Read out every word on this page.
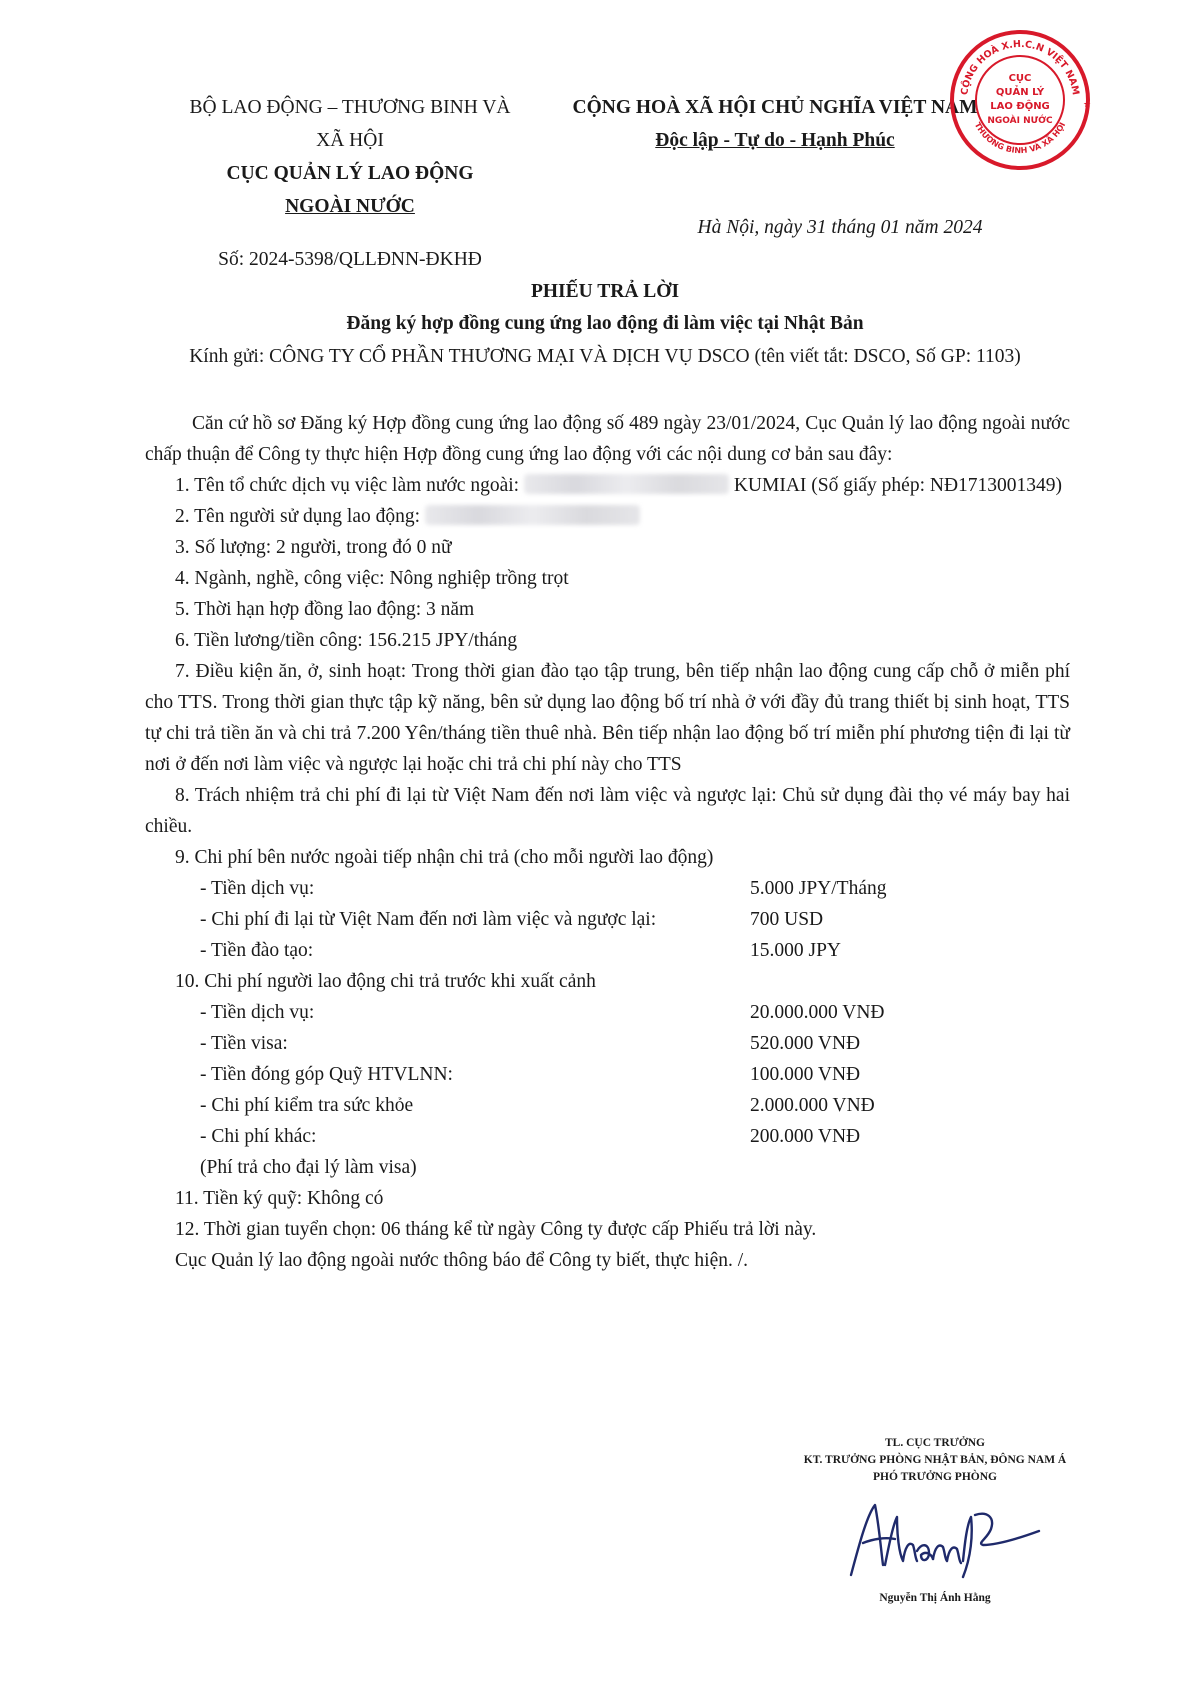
BỘ LAO ĐỘNG – THƯƠNG BINH VÀ
XÃ HỘI
CỤC QUẢN LÝ LAO ĐỘNG
NGOÀI NƯỚC
Số: 2024-5398/QLLĐNN-ĐKHĐ
CỘNG HOÀ XÃ HỘI CHỦ NGHĨA VIỆT NAM
Độc lập - Tự do - Hạnh Phúc
Hà Nội, ngày 31 tháng 01 năm 2024
CỘNG HOÀ X.H.C.N VIỆT NAM
THƯƠNG BINH VÀ XÃ HỘI
CỤC
QUẢN LÝ
LAO ĐỘNG
NGOÀI NƯỚC
★
PHIẾU TRẢ LỜI
Đăng ký hợp đồng cung ứng lao động đi làm việc tại Nhật Bản
Kính gửi: CÔNG TY CỔ PHẦN THƯƠNG MẠI VÀ DỊCH VỤ DSCO (tên viết tắt: DSCO, Số GP: 1103)

Căn cứ hồ sơ Đăng ký Hợp đồng cung ứng lao động số 489 ngày 23/01/2024, Cục Quản lý lao động ngoài nước chấp thuận để Công ty thực hiện Hợp đồng cung ứng lao động với các nội dung cơ bản sau đây:

1. Tên tổ chức dịch vụ việc làm nước ngoài:	KUMIAI (Số giấy phép: NĐ1713001349)

2. Tên người sử dụng lao động:

3. Số lượng: 2 người, trong đó 0 nữ

4. Ngành, nghề, công việc: Nông nghiệp trồng trọt

5. Thời hạn hợp đồng lao động: 3 năm

6. Tiền lương/tiền công: 156.215 JPY/tháng

7. Điều kiện ăn, ở, sinh hoạt: Trong thời gian đào tạo tập trung, bên tiếp nhận lao động cung cấp chỗ ở miễn phí cho TTS. Trong thời gian thực tập kỹ năng, bên sử dụng lao động bố trí nhà ở với đầy đủ trang thiết bị sinh hoạt, TTS tự chi trả tiền ăn và chi trả 7.200 Yên/tháng tiền thuê nhà. Bên tiếp nhận lao động bố trí miễn phí phương tiện đi lại từ nơi ở đến nơi làm việc và ngược lại hoặc chi trả chi phí này cho TTS

8. Trách nhiệm trả chi phí đi lại từ Việt Nam đến nơi làm việc và ngược lại: Chủ sử dụng đài thọ vé máy bay hai chiều.

9. Chi phí bên nước ngoài tiếp nhận chi trả (cho mỗi người lao động)

- Tiền dịch vụ:	5.000 JPY/Tháng
- Chi phí đi lại từ Việt Nam đến nơi làm việc và ngược lại:	700 USD
- Tiền đào tạo:	15.000 JPY

10. Chi phí người lao động chi trả trước khi xuất cảnh

- Tiền dịch vụ:	20.000.000 VNĐ
- Tiền visa:	520.000 VNĐ
- Tiền đóng góp Quỹ HTVLNN:	100.000 VNĐ
- Chi phí kiểm tra sức khỏe	2.000.000 VNĐ
- Chi phí khác:	200.000 VNĐ

(Phí trả cho đại lý làm visa)

11. Tiền ký quỹ: Không có

12. Thời gian tuyển chọn: 06 tháng kể từ ngày Công ty được cấp Phiếu trả lời này.

Cục Quản lý lao động ngoài nước thông báo để Công ty biết, thực hiện. /.

TL. CỤC TRƯỞNG
KT. TRƯỞNG PHÒNG NHẬT BẢN, ĐÔNG NAM Á
PHÓ TRƯỞNG PHÒNG
Nguyễn Thị Ánh Hằng
